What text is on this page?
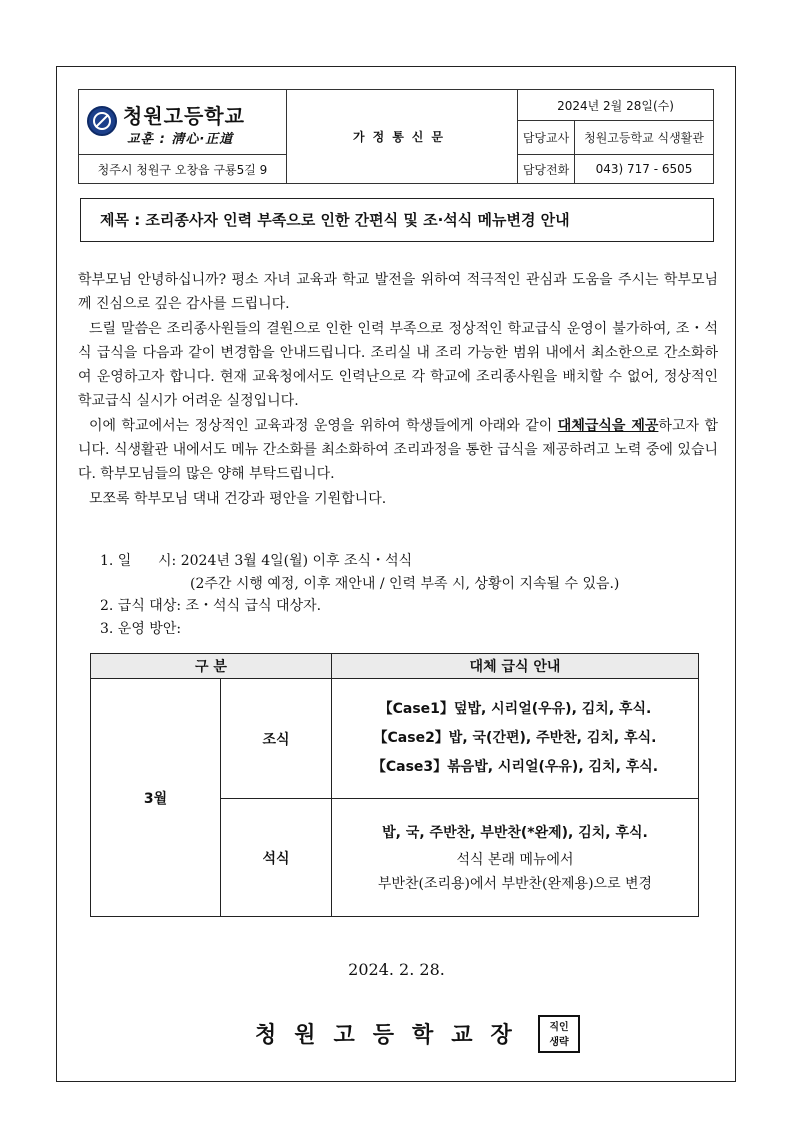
청원고등학교
교훈 : 淸心·正道	가정통신문	2024년 2월 28일(수)	
		담당교사	청원고등학교 식생활관
청주시 청원구 오창읍 구룡5길 9		담당전화	043) 717 - 6505
제목 : 조리종사자 인력 부족으로 인한 간편식 및 조·석식 메뉴변경 안내

학부모님 안녕하십니까? 평소 자녀 교육과 학교 발전을 위하여 적극적인 관심과 도움을 주시는 학부모님께 진심으로 깊은 감사를 드립니다.

드릴 말씀은 조리종사원들의 결원으로 인한 인력 부족으로 정상적인 학교급식 운영이 불가하여, 조・석식 급식을 다음과 같이 변경함을 안내드립니다. 조리실 내 조리 가능한 범위 내에서 최소한으로 간소화하여 운영하고자 합니다. 현재 교육청에서도 인력난으로 각 학교에 조리종사원을 배치할 수 없어, 정상적인 학교급식 실시가 어려운 실정입니다.

이에 학교에서는 정상적인 교육과정 운영을 위하여 학생들에게 아래와 같이 대체급식을 제공하고자 합니다. 식생활관 내에서도 메뉴 간소화를 최소화하여 조리과정을 통한 급식을 제공하려고 노력 중에 있습니다. 학부모님들의 많은 양해 부탁드립니다.

모쪼록 학부모님 댁내 건강과 평안을 기원합니다.

1. 일      시: 2024년 3월 4일(월) 이후 조식・석식
(2주간 시행 예정, 이후 재안내 / 인력 부족 시, 상황이 지속될 수 있음.)
2. 급식 대상: 조・석식 급식 대상자.
3. 운영 방안:
구 분		대체 급식 안내
3월	조식	【Case1】덮밥, 시리얼(우유), 김치, 후식.
【Case2】밥, 국(간편), 주반찬, 김치, 후식.
【Case3】볶음밥, 시리얼(우유), 김치, 후식.

	석식	밥, 국, 주반찬, 부반찬(*완제), 김치, 후식.
석식 본래 메뉴에서
부반찬(조리용)에서 부반찬(완제용)으로 변경
2024. 2. 28.
청원고등학교장	직인
생략
